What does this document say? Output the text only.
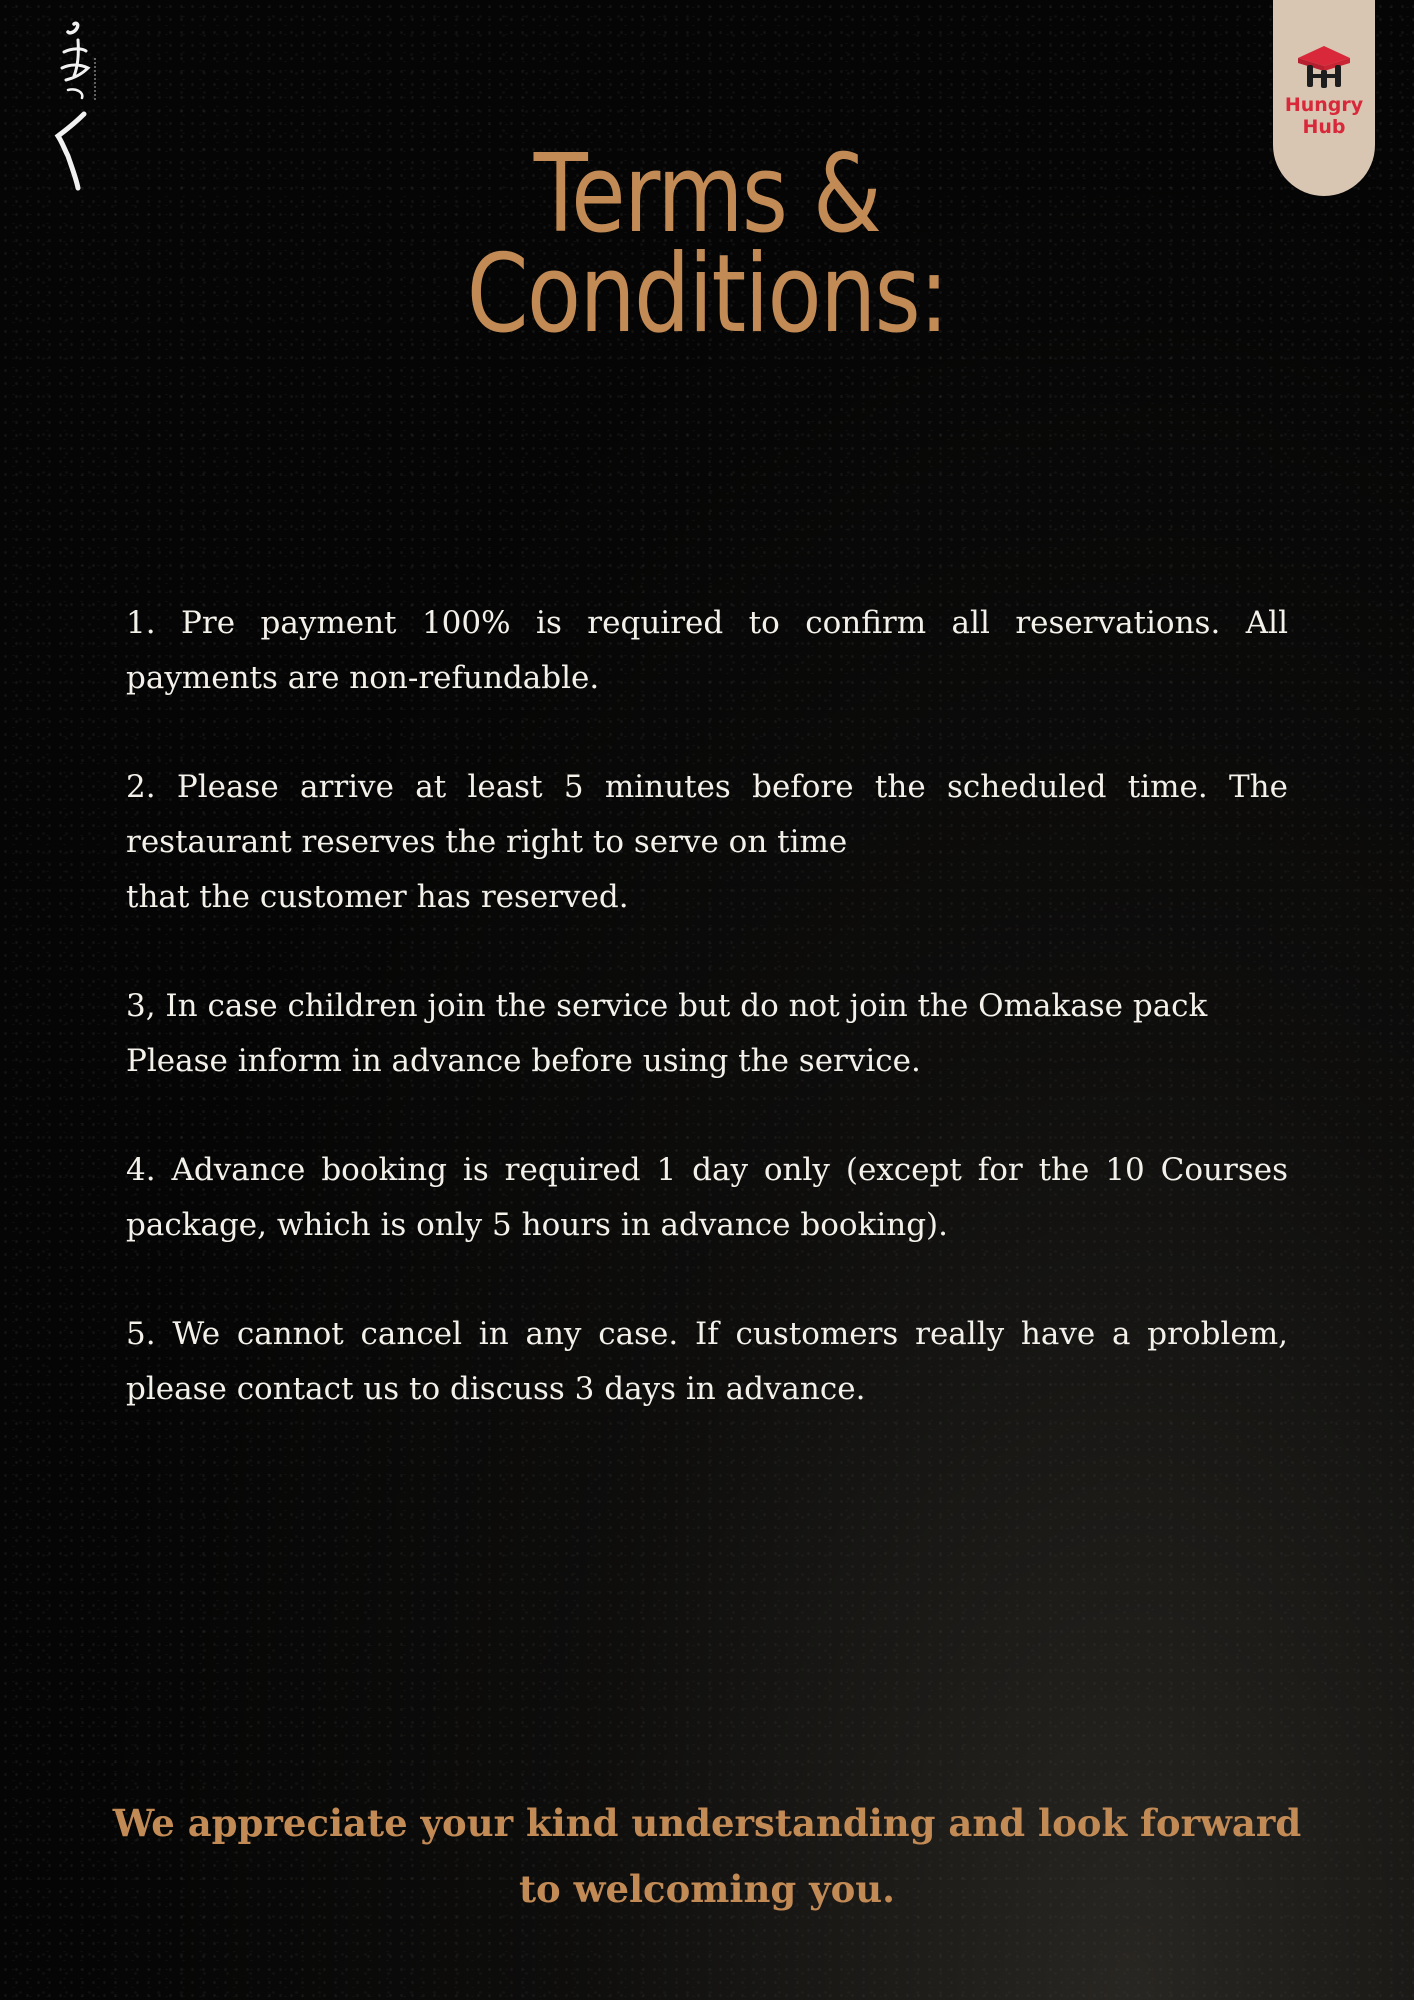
Hungry
Hub
Terms &
Conditions:

1. Pre payment 100% is required to confirm all reservations. All payments are non-refundable.

2. Please arrive at least 5 minutes before the scheduled time. The restaurant reserves the right to serve on time
that the customer has reserved.

3, In case children join the service but do not join the Omakase pack
Please inform in advance before using the service.

4. Advance booking is required 1 day only (except for the 10 Courses package, which is only 5 hours in advance booking).

5. We cannot cancel in any case. If customers really have a problem, please contact us to discuss 3 days in advance.

We appreciate your kind understanding and look forward
to welcoming you.
